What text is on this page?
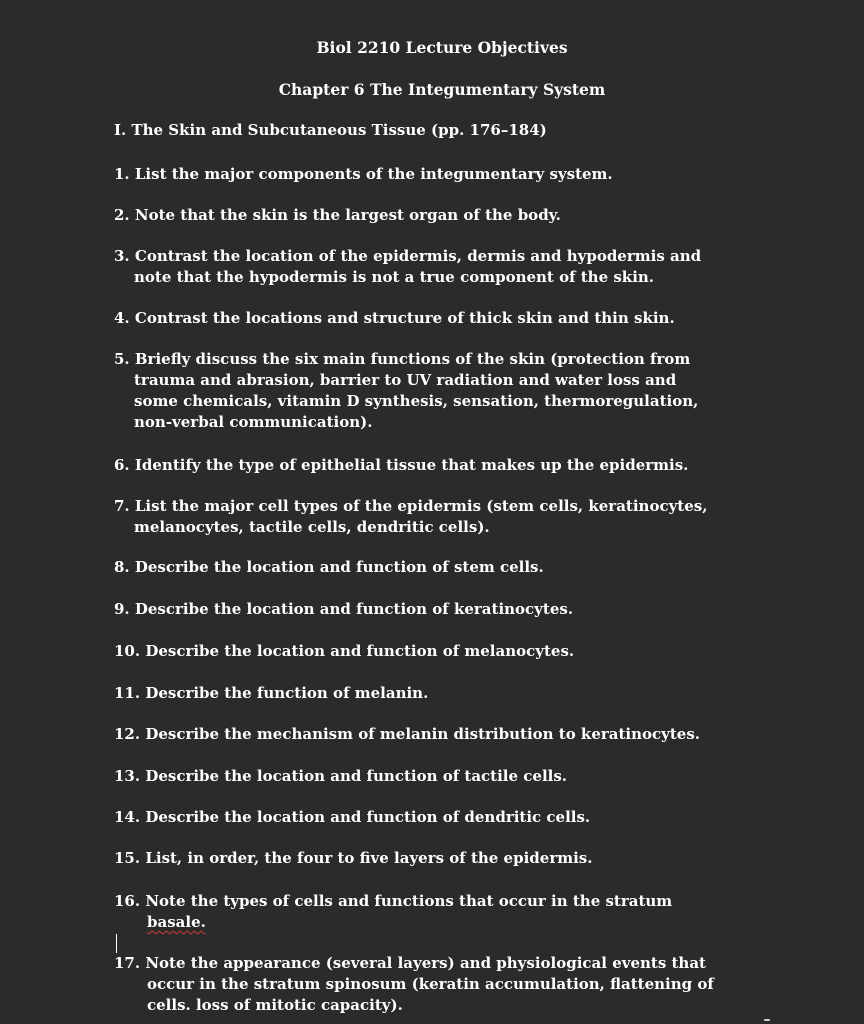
Biol 2210 Lecture Objectives
Chapter 6 The Integumentary System
I. The Skin and Subcutaneous Tissue (pp. 176–184)
1. List the major components of the integumentary system.
2. Note that the skin is the largest organ of the body.
3. Contrast the location of the epidermis, dermis and hypodermis and
note that the hypodermis is not a true component of the skin.
4. Contrast the locations and structure of thick skin and thin skin.
5. Briefly discuss the six main functions of the skin (protection from
trauma and abrasion, barrier to UV radiation and water loss and
some chemicals, vitamin D synthesis, sensation, thermoregulation,
non-verbal communication).
6. Identify the type of epithelial tissue that makes up the epidermis.
7. List the major cell types of the epidermis (stem cells, keratinocytes,
melanocytes, tactile cells, dendritic cells).
8. Describe the location and function of stem cells.
9. Describe the location and function of keratinocytes.
10. Describe the location and function of melanocytes.
11. Describe the function of melanin.
12. Describe the mechanism of melanin distribution to keratinocytes.
13. Describe the location and function of tactile cells.
14. Describe the location and function of dendritic cells.
15. List, in order, the four to five layers of the epidermis.
16. Note the types of cells and functions that occur in the stratum
basale.
17. Note the appearance (several layers) and physiological events that
occur in the stratum spinosum (keratin accumulation, flattening of
cells. loss of mitotic capacity).
